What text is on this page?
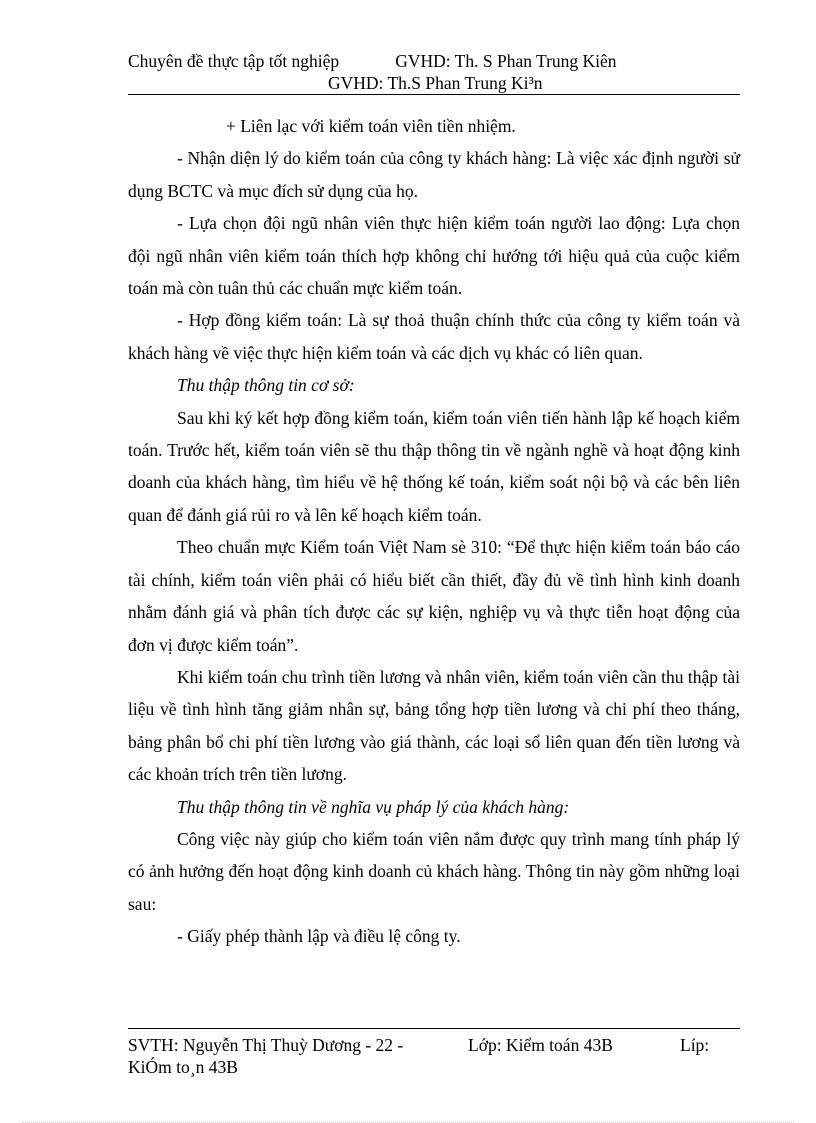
Chuyên đề thực tập tốt nghiệp	GVHD: Th. S Phan Trung Kiên
GVHD: Th.S Phan Trung Ki³n

+ Liên lạc với kiểm toán viên tiền nhiệm.

- Nhận diện lý do kiểm toán của công ty khách hàng: Là việc xác định người sử dụng BCTC và mục đích sử dụng của họ.

- Lựa chọn đội ngũ nhân viên thực hiện kiểm toán người lao động: Lựa chọn đội ngũ nhân viên kiểm toán thích hợp không chỉ hướng tới hiệu quả của cuộc kiểm toán mà còn tuân thủ các chuẩn mực kiểm toán.

- Hợp đồng kiểm toán: Là sự thoả thuận chính thức của công ty kiểm toán và khách hàng về việc thực hiện kiểm toán và các dịch vụ khác có liên quan.

Thu thập thông tin cơ sở:

Sau khi ký kết hợp đồng kiểm toán, kiểm toán viên tiến hành lập kế hoạch kiểm toán. Trước hết, kiểm toán viên sẽ thu thập thông tin về ngành nghề và hoạt động kinh doanh của khách hàng, tìm hiểu về hệ thống kế toán, kiểm soát nội bộ và các bên liên quan để đánh giá rủi ro và lên kế hoạch kiểm toán.

Theo chuẩn mực Kiểm toán Việt Nam sè 310: “Để thực hiện kiểm toán báo cáo tài chính, kiểm toán viên phải có hiểu biết cần thiết, đầy đủ về tình hình kinh doanh nhằm đánh giá và phân tích được các sự kiện, nghiệp vụ và thực tiễn hoạt động của đơn vị được kiểm toán”.

Khi kiểm toán chu trình tiền lương và nhân viên, kiểm toán viên cần thu thập tài liệu về tình hình tăng giảm nhân sự, bảng tổng hợp tiền lương và chi phí theo tháng, bảng phân bổ chi phí tiền lương vào giá thành, các loại sổ liên quan đến tiền lương và các khoản trích trên tiền lương.

Thu thập thông tin về nghĩa vụ pháp lý của khách hàng:

Công việc này giúp cho kiểm toán viên nắm được quy trình mang tính pháp lý có ảnh hưởng đến hoạt động kinh doanh củ khách hàng. Thông tin này gồm những loại sau:

- Giấy phép thành lập và điều lệ công ty.

SVTH: Nguyễn Thị Thuỳ Dương - 22 -	Lớp: Kiểm toán 43B	Líp:
KiÓm to¸n 43B
